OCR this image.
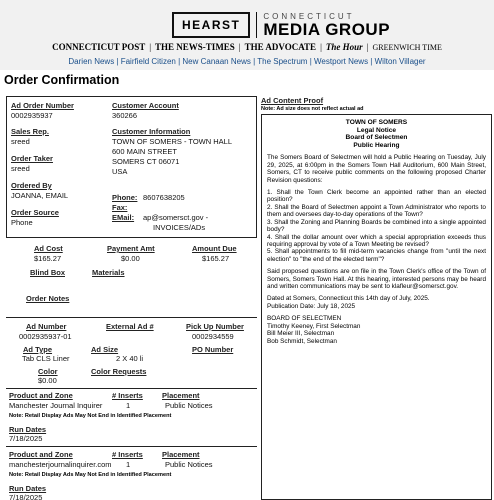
HEARST
CONNECTICUT
MEDIA GROUP
CONNECTICUT POST | THE NEWS-TIMES | THE ADVOCATE | The Hour | GREENWICH TIME
Darien News | Fairfield Citizen | New Canaan News | The Spectrum | Westport News | Wilton Villager
Order Confirmation
Ad Order Number
0002935937
Customer Account
360266
Sales Rep.
sreed
Customer Information
TOWN OF SOMERS - TOWN HALL
600 MAIN STREET
SOMERS CT 06071
USA
Order Taker
sreed
Ordered By
JOANNA, EMAIL	Phone: 8607638205
Fax:
EMail: ap@somersct.gov -
INVOICES/ADs
Order Source
Phone
Ad Cost
$165.27
Payment Amt
$0.00
Amount Due
$165.27
Blind Box	Materials
Order Notes
Ad Number
0002935937-01
External Ad #	Pick Up Number
0002934559
Ad Type
Tab CLS Liner
Ad Size
2 X 40 li
PO Number
Color
$0.00
Color Requests
Product and Zone	# Inserts	Placement
Manchester Journal Inquirer	1	Public Notices
Note: Retail Display Ads May Not End in Identified Placement
Run Dates
7/18/2025
Product and Zone	# Inserts	Placement
manchesterjournalinquirer.com 1	Public Notices
Note: Retail Display Ads May Not End in Identified Placement
Run Dates
7/18/2025
Ad Content Proof
Note: Ad size does not reflect actual ad
TOWN OF SOMERS
Legal Notice
Board of Selectmen
Public Hearing

The Somers Board of Selectmen will hold a Public Hearing on Tuesday, July 29, 2025, at 6:00pm in the Somers Town Hall Auditorium, 600 Main Street, Somers, CT to receive public comments on the following proposed Charter Revision questions:

1. Shall the Town Clerk become an appointed rather than an elected position?
2. Shall the Board of Selectmen appoint a Town Administrator who reports to them and oversees day-to-day operations of the Town?
3. Shall the Zoning and Planning Boards be combined into a single appointed body?
4. Shall the dollar amount over which a special appropriation exceeds thus requiring approval by vote of a Town Meeting be revised?
5. Shall appointments to fill mid-term vacancies change from "until the next election" to "the end of the elected term"?

Said proposed questions are on file in the Town Clerk's office of the Town of Somers, Somers Town Hall. At this hearing, interested persons may be heard and written communications may be sent to klafleur@somersct.gov.

Dated at Somers, Connecticut this 14th day of July, 2025.

Publication Date: July 18, 2025

BOARD OF SELECTMEN
Timothy Keeney, First Selectman
Bill Meier III, Selectman
Bob Schmidt, Selectman
